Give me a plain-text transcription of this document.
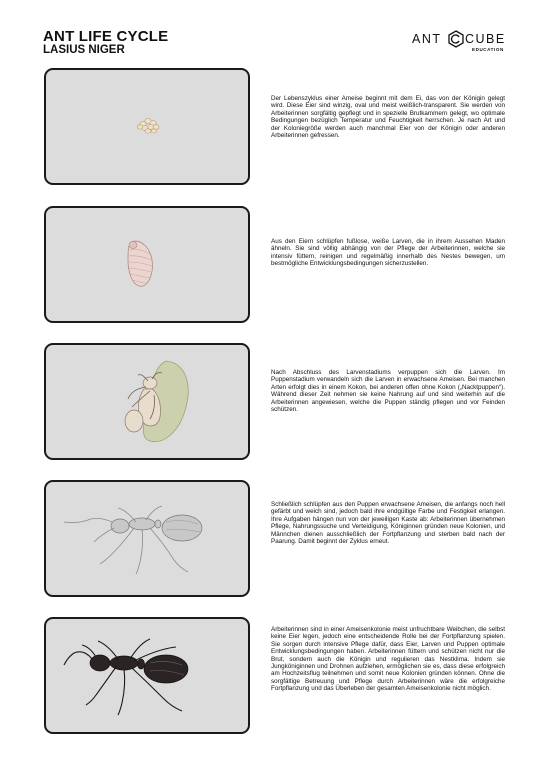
ANT LIFE CYCLE
LASIUS NIGER
ANT CUBE
EDUCATION

Der Lebenszyklus einer Ameise beginnt mit dem Ei, das von der Königin gelegt wird. Diese Eier sind winzig, oval und meist weißlich-transparent. Sie werden von Arbeiterinnen sorgfältig gepflegt und in spezielle Brutkammern gelegt, wo optimale Bedingungen bezüglich Temperatur und Feuchtigkeit herrschen. Je nach Art und der Koloniegröße werden auch manchmal Eier von der Königin oder anderen Arbeiterinnen gefressen.

Aus den Eiern schlüpfen fußlose, weiße Larven, die in ihrem Aussehen Maden ähneln. Sie sind völlig abhängig von der Pflege der Arbeiterinnen, welche sie intensiv füttern, reinigen und regelmäßig innerhalb des Nestes bewegen, um bestmögliche Entwicklungsbedingungen sicherzustellen.

Nach Abschluss des Larvenstadiums verpuppen sich die Larven. Im Puppenstadium verwandeln sich die Larven in erwachsene Ameisen. Bei manchen Arten erfolgt dies in einem Kokon, bei anderen offen ohne Kokon („Nacktpuppen“). Während dieser Zeit nehmen sie keine Nahrung auf und sind weiterhin auf die Arbeiterinnen angewiesen, welche die Puppen ständig pflegen und vor Feinden schützen.

Schließlich schlüpfen aus den Puppen erwachsene Ameisen, die anfangs noch hell gefärbt und weich sind, jedoch bald ihre endgültige Farbe und Festigkeit erlangen. Ihre Aufgaben hängen nun von der jeweiligen Kaste ab: Arbeiterinnen übernehmen Pflege, Nahrungssuche und Verteidigung, Königinnen gründen neue Kolonien, und Männchen dienen ausschließlich der Fortpflanzung und sterben bald nach der Paarung. Damit beginnt der Zyklus erneut.

Arbeiterinnen sind in einer Ameisenkolonie meist unfruchtbare Weibchen, die selbst keine Eier legen, jedoch eine entscheidende Rolle bei der Fortpflanzung spielen. Sie sorgen durch intensive Pflege dafür, dass Eier, Larven und Puppen optimale Entwicklungsbedingungen haben. Arbeiterinnen füttern und schützen nicht nur die Brut, sondern auch die Königin und regulieren das Nestklima. Indem sie Jungköniginnen und Drohnen aufziehen, ermöglichen sie es, dass diese erfolgreich am Hochzeitsflug teilnehmen und somit neue Kolonien gründen können. Ohne die sorgfältige Betreuung und Pflege durch Arbeiterinnen wäre die erfolgreiche Fortpflanzung und das Überleben der gesamten Ameisenkolonie nicht möglich.
